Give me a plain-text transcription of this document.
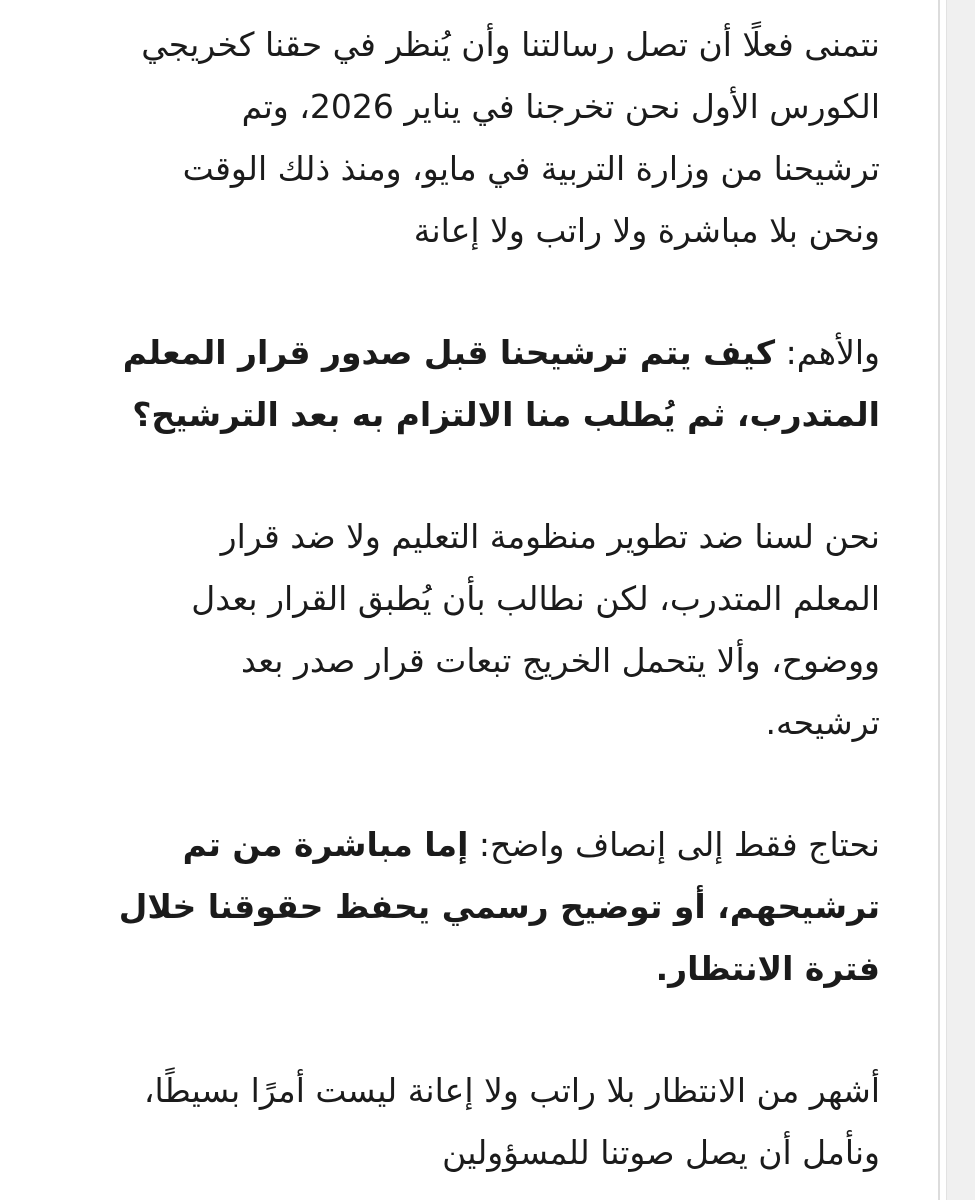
نتمنى فعلًا أن تصل رسالتنا وأن يُنظر في حقنا كخريجي
الكورس الأول نحن تخرجنا في يناير 2026، وتم
ترشيحنا من وزارة التربية في مايو، ومنذ ذلك الوقت
ونحن بلا مباشرة ولا راتب ولا إعانة

والأهم: كيف يتم ترشيحنا قبل صدور قرار المعلم
المتدرب، ثم يُطلب منا الالتزام به بعد الترشيح؟

نحن لسنا ضد تطوير منظومة التعليم ولا ضد قرار
المعلم المتدرب، لكن نطالب بأن يُطبق القرار بعدل
ووضوح، وألا يتحمل الخريج تبعات قرار صدر بعد
ترشيحه.

نحتاج فقط إلى إنصاف واضح: إما مباشرة من تم
ترشيحهم، أو توضيح رسمي يحفظ حقوقنا خلال
فترة الانتظار.

أشهر من الانتظار بلا راتب ولا إعانة ليست أمرًا بسيطًا،
ونأمل أن يصل صوتنا للمسؤولين
